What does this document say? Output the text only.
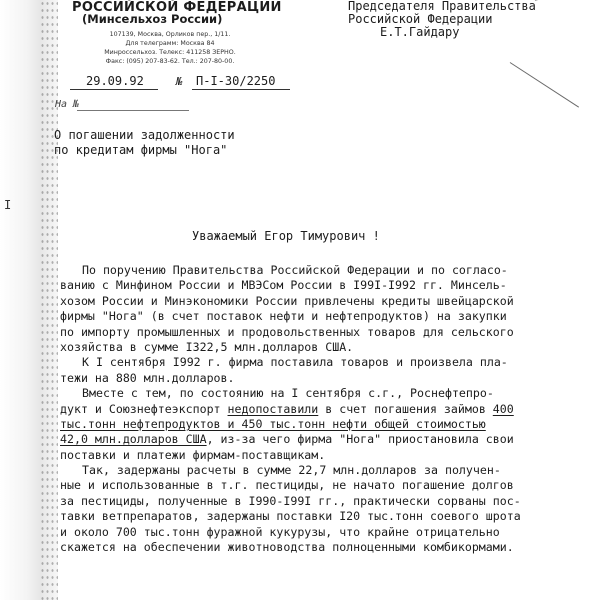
I
РОССИЙСКОЙ ФЕДЕРАЦИИ
(Минсельхоз России)
107139, Москва, Орликов пер., 1/11.
Для телеграмм: Москва 84
Минроссельхоз. Телекс: 411258 ЗЕРНО.
Факс: (095) 207-83-62. Тел.: 207-80-00.
Председателя Правительства
Российской Федерации
Е.Т.Гайдару
29.09.92	№ П-I-30/2250
На №
О погашении задолженности
по кредитам фирмы "Нога"
Уважаемый Егор Тимурович !
По поручению Правительства Российской Федерации и по согласо-
ванию с Минфином России и МВЭСом России в I99I-I992 гг. Минсель-
хозом России и Минэкономики России привлечены кредиты швейцарской
фирмы "Нога" (в счет поставок нефти и нефтепродуктов) на закупки
по импорту промышленных и продовольственных товаров для сельского
хозяйства в сумме I322,5 млн.долларов США.
К I сентября I992 г. фирма поставила товаров и произвела пла-
тежи на 880 млн.долларов.
Вместе с тем, по состоянию на I сентября с.г., Роснефтепро-
дукт и Союзнефтеэкспорт недопоставили в счет погашения займов 400
тыс.тонн нефтепродуктов и 450 тыс.тонн нефти общей стоимостью
42,0 млн.долларов США, из-за чего фирма "Нога" приостановила свои
поставки и платежи фирмам-поставщикам.
Так, задержаны расчеты в сумме 22,7 млн.долларов за получен-
ные и использованные в т.г. пестициды, не начато погашение долгов
за пестициды, полученные в I990-I99I гг., практически сорваны пос-
тавки ветпрепаратов, задержаны поставки I20 тыс.тонн соевого шрота
и около 700 тыс.тонн фуражной кукурузы, что крайне отрицательно
скажется на обеспечении животноводства полноценными комбикормами.
